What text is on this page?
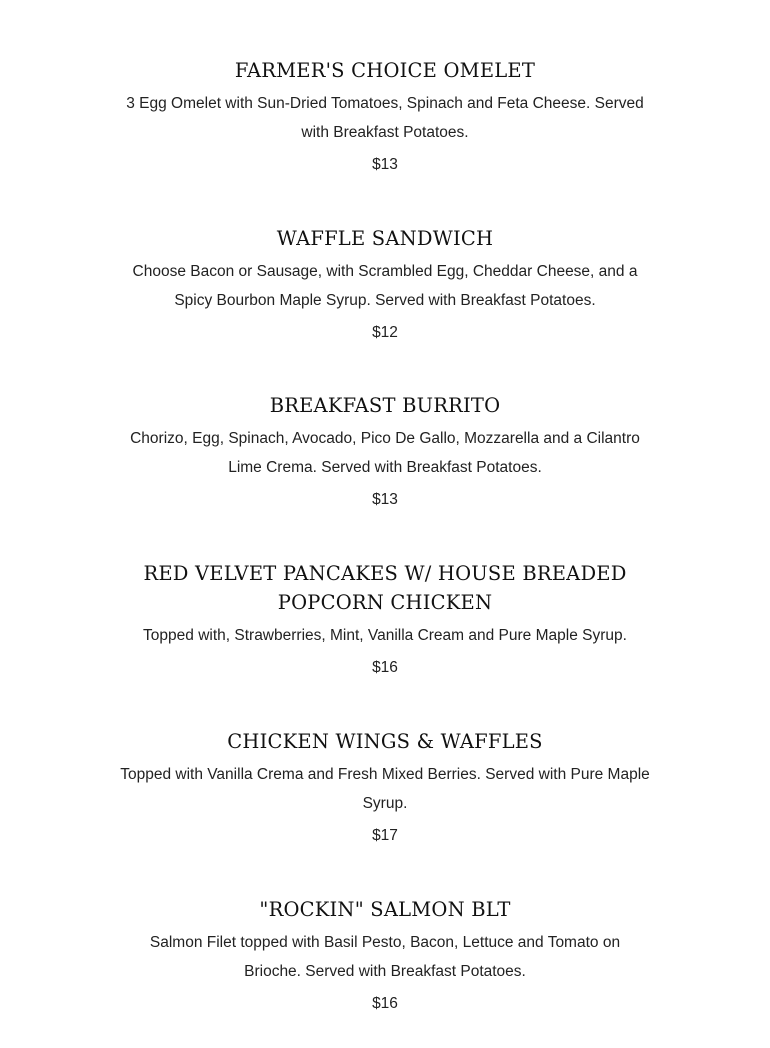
FARMER'S CHOICE OMELET

3 Egg Omelet with Sun-Dried Tomatoes, Spinach and Feta Cheese. Served with Breakfast Potatoes.

$13

WAFFLE SANDWICH

Choose Bacon or Sausage, with Scrambled Egg, Cheddar Cheese, and a Spicy Bourbon Maple Syrup. Served with Breakfast Potatoes.

$12

BREAKFAST BURRITO

Chorizo, Egg, Spinach, Avocado, Pico De Gallo, Mozzarella and a Cilantro Lime Crema. Served with Breakfast Potatoes.

$13

RED VELVET PANCAKES W/ HOUSE BREADED POPCORN CHICKEN

Topped with, Strawberries, Mint, Vanilla Cream and Pure Maple Syrup.

$16

CHICKEN WINGS & WAFFLES

Topped with Vanilla Crema and Fresh Mixed Berries. Served with Pure Maple Syrup.

$17

"ROCKIN" SALMON BLT

Salmon Filet topped with Basil Pesto, Bacon, Lettuce and Tomato on Brioche. Served with Breakfast Potatoes.

$16
